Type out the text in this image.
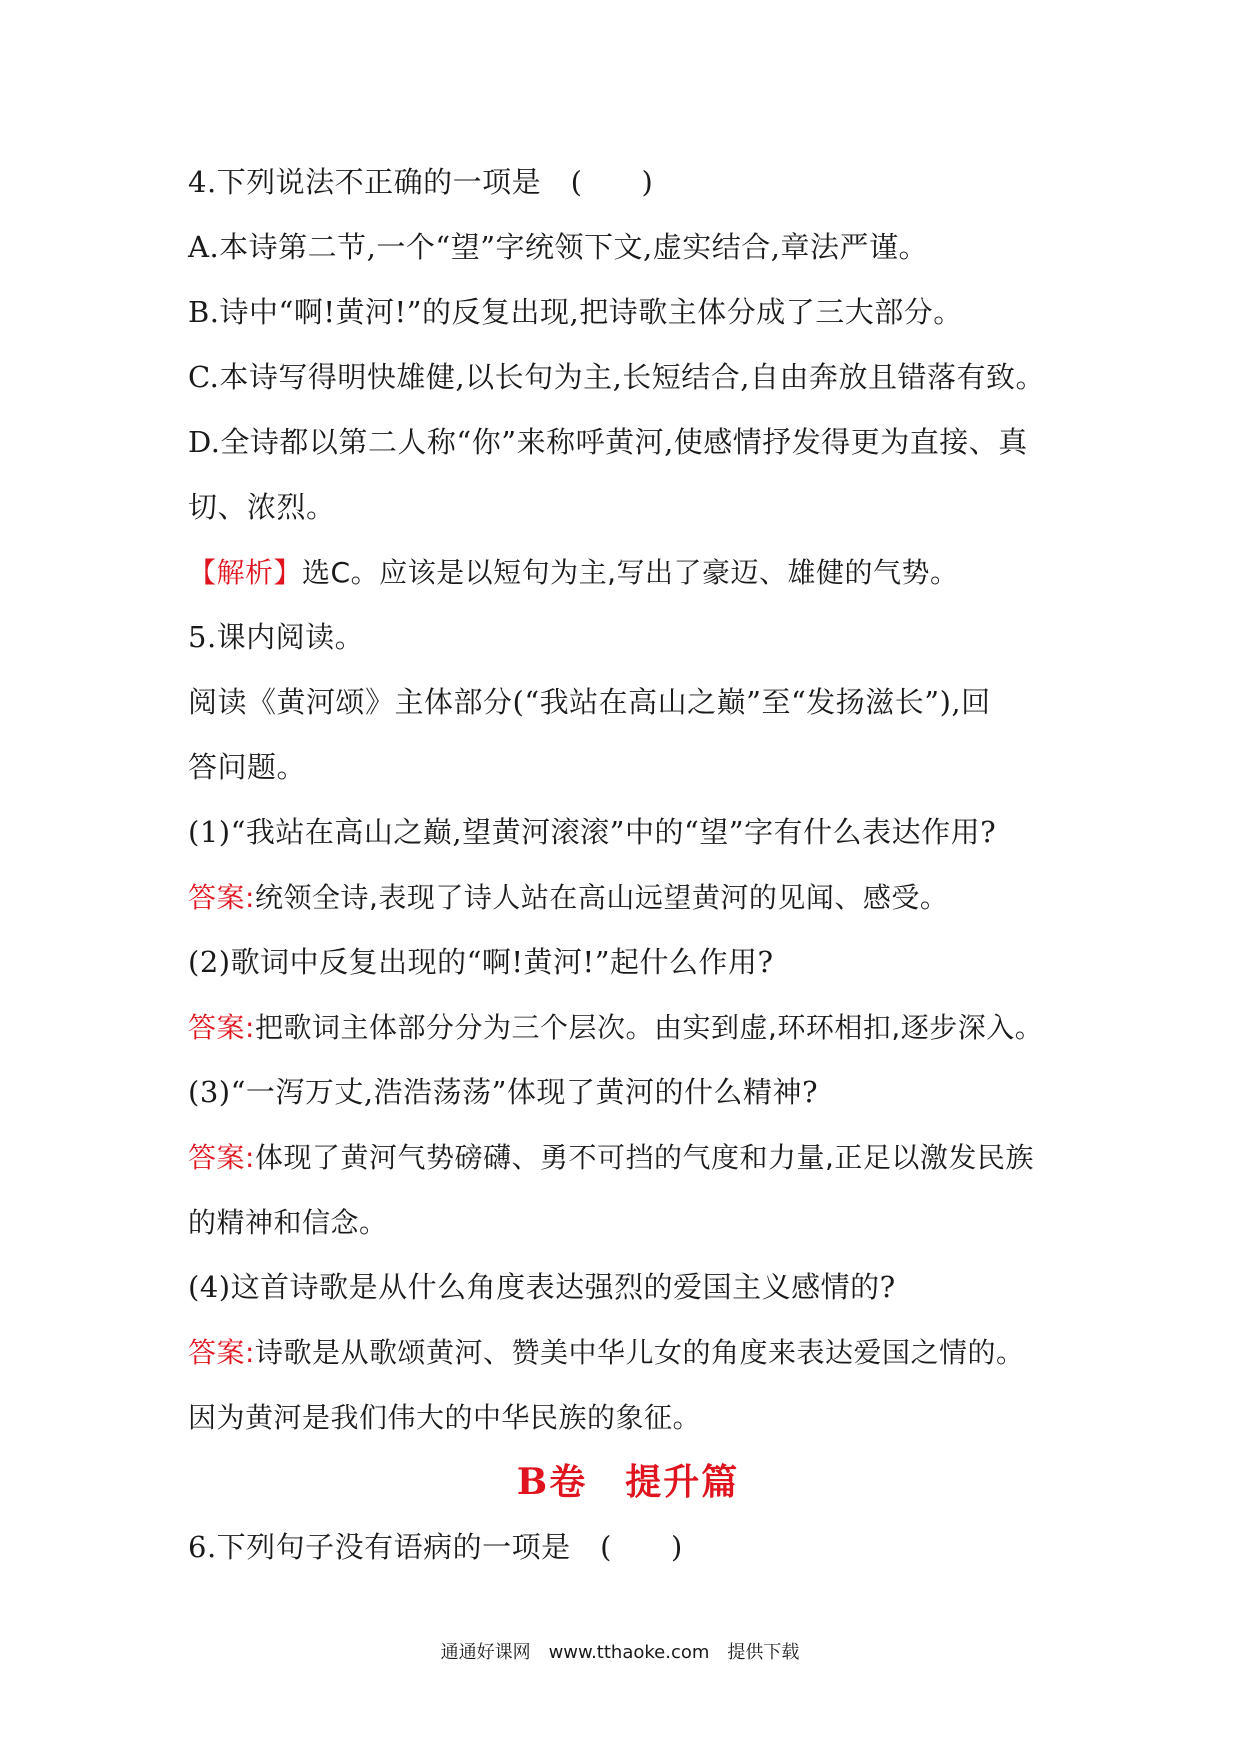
4.下列说法不正确的一项是　(　　)
A.本诗第二节,一个“望”字统领下文,虚实结合,章法严谨。
B.诗中“啊!黄河!”的反复出现,把诗歌主体分成了三大部分。
C.本诗写得明快雄健,以长句为主,长短结合,自由奔放且错落有致。
D.全诗都以第二人称“你”来称呼黄河,使感情抒发得更为直接、真
切、浓烈。
【解析】选C。应该是以短句为主,写出了豪迈、雄健的气势。
5.课内阅读。
阅读《黄河颂》主体部分(“我站在高山之巅”至“发扬滋长”),回
答问题。
(1)“我站在高山之巅,望黄河滚滚”中的“望”字有什么表达作用?
答案:统领全诗,表现了诗人站在高山远望黄河的见闻、感受。
(2)歌词中反复出现的“啊!黄河!”起什么作用?
答案:把歌词主体部分分为三个层次。由实到虚,环环相扣,逐步深入。
(3)“一泻万丈,浩浩荡荡”体现了黄河的什么精神?
答案:体现了黄河气势磅礴、勇不可挡的气度和力量,正足以激发民族
的精神和信念。
(4)这首诗歌是从什么角度表达强烈的爱国主义感情的?
答案:诗歌是从歌颂黄河、赞美中华儿女的角度来表达爱国之情的。
因为黄河是我们伟大的中华民族的象征。
B卷　提升篇
6.下列句子没有语病的一项是　(　　)
通通好课网　www.tthaoke.com　提供下载
